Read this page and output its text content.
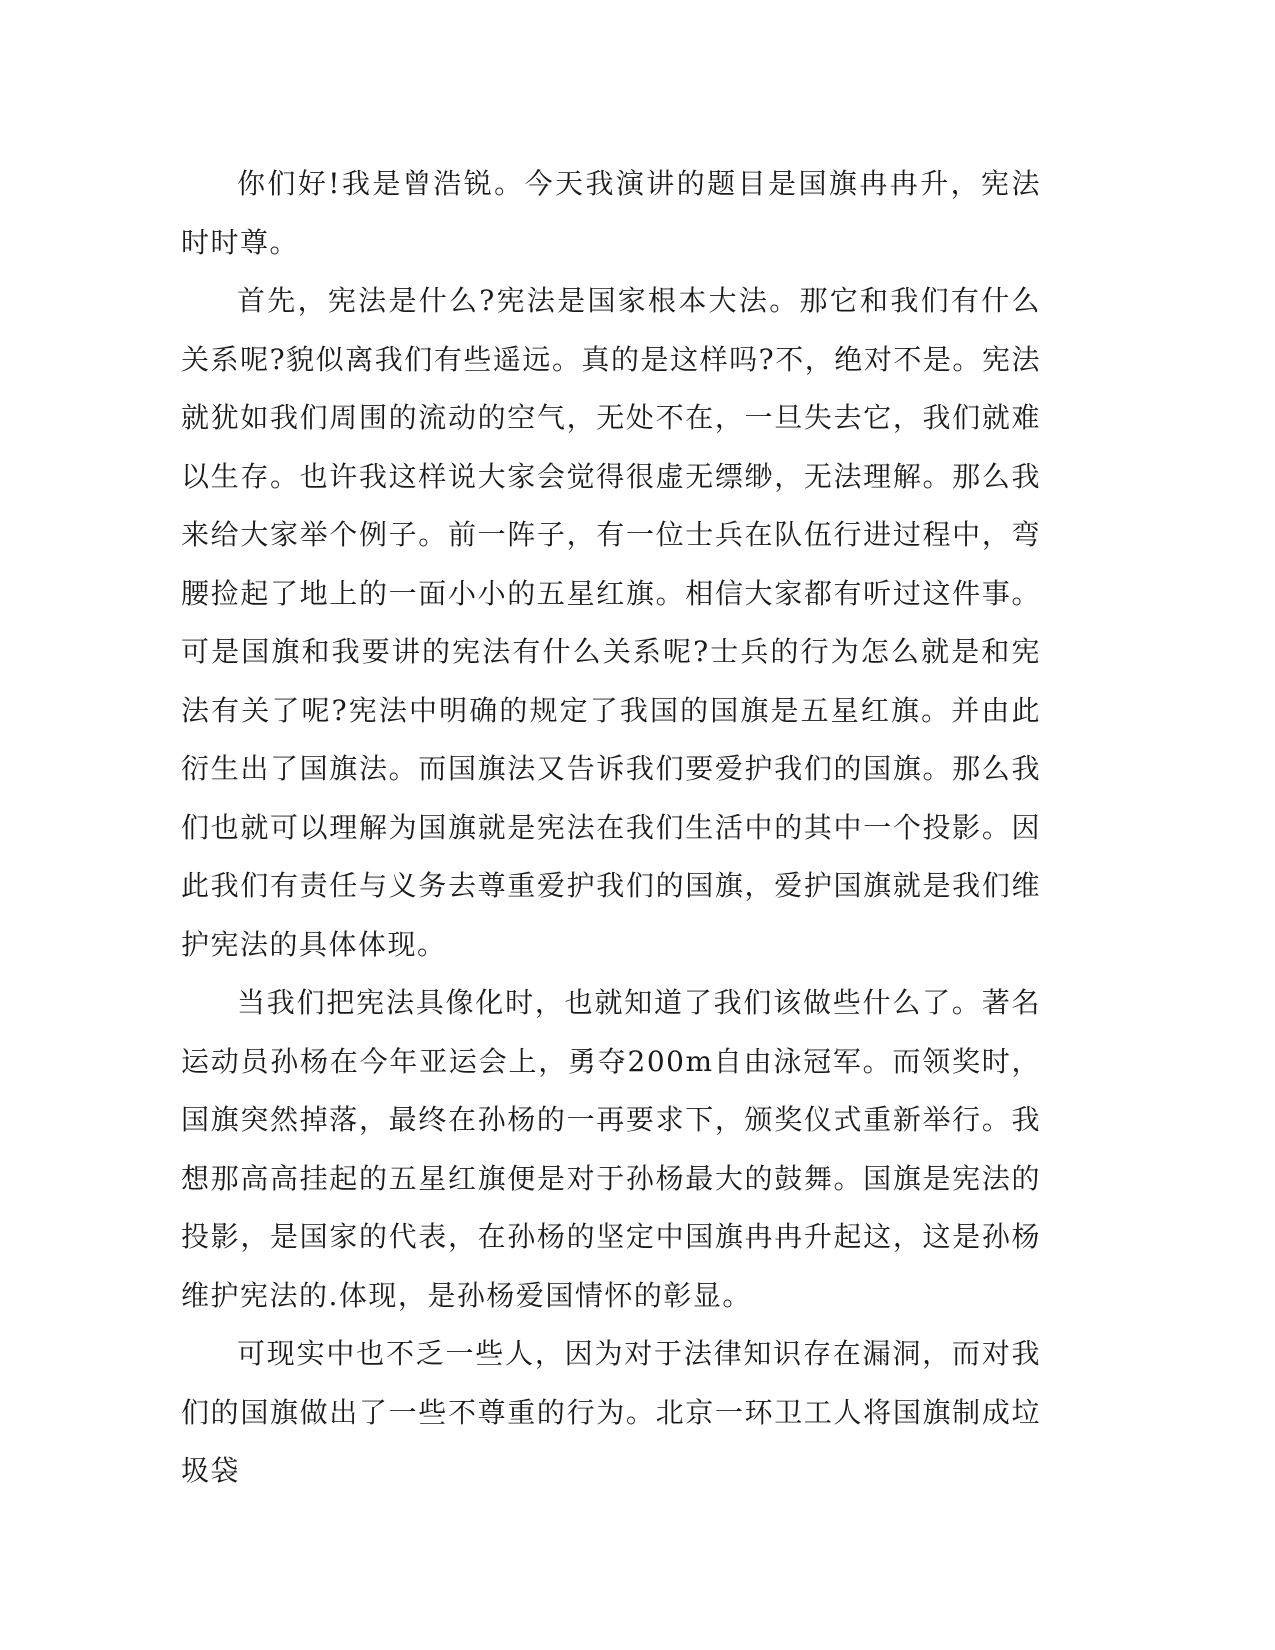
你们好!我是曾浩锐。今天我演讲的题目是国旗冉冉升，宪法时时尊。

首先，宪法是什么?宪法是国家根本大法。那它和我们有什么关系呢?貌似离我们有些遥远。真的是这样吗?不，绝对不是。宪法就犹如我们周围的流动的空气，无处不在，一旦失去它，我们就难以生存。也许我这样说大家会觉得很虚无缥缈，无法理解。那么我来给大家举个例子。前一阵子，有一位士兵在队伍行进过程中，弯腰捡起了地上的一面小小的五星红旗。相信大家都有听过这件事。可是国旗和我要讲的宪法有什么关系呢?士兵的行为怎么就是和宪法有关了呢?宪法中明确的规定了我国的国旗是五星红旗。并由此衍生出了国旗法。而国旗法又告诉我们要爱护我们的国旗。那么我们也就可以理解为国旗就是宪法在我们生活中的其中一个投影。因此我们有责任与义务去尊重爱护我们的国旗，爱护国旗就是我们维护宪法的具体体现。

当我们把宪法具像化时，也就知道了我们该做些什么了。著名运动员孙杨在今年亚运会上，勇夺200m自由泳冠军。而领奖时，国旗突然掉落，最终在孙杨的一再要求下，颁奖仪式重新举行。我想那高高挂起的五星红旗便是对于孙杨最大的鼓舞。国旗是宪法的投影，是国家的代表，在孙杨的坚定中国旗冉冉升起这，这是孙杨维护宪法的.体现，是孙杨爱国情怀的彰显。

可现实中也不乏一些人，因为对于法律知识存在漏洞，而对我们的国旗做出了一些不尊重的行为。北京一环卫工人将国旗制成垃圾袋
